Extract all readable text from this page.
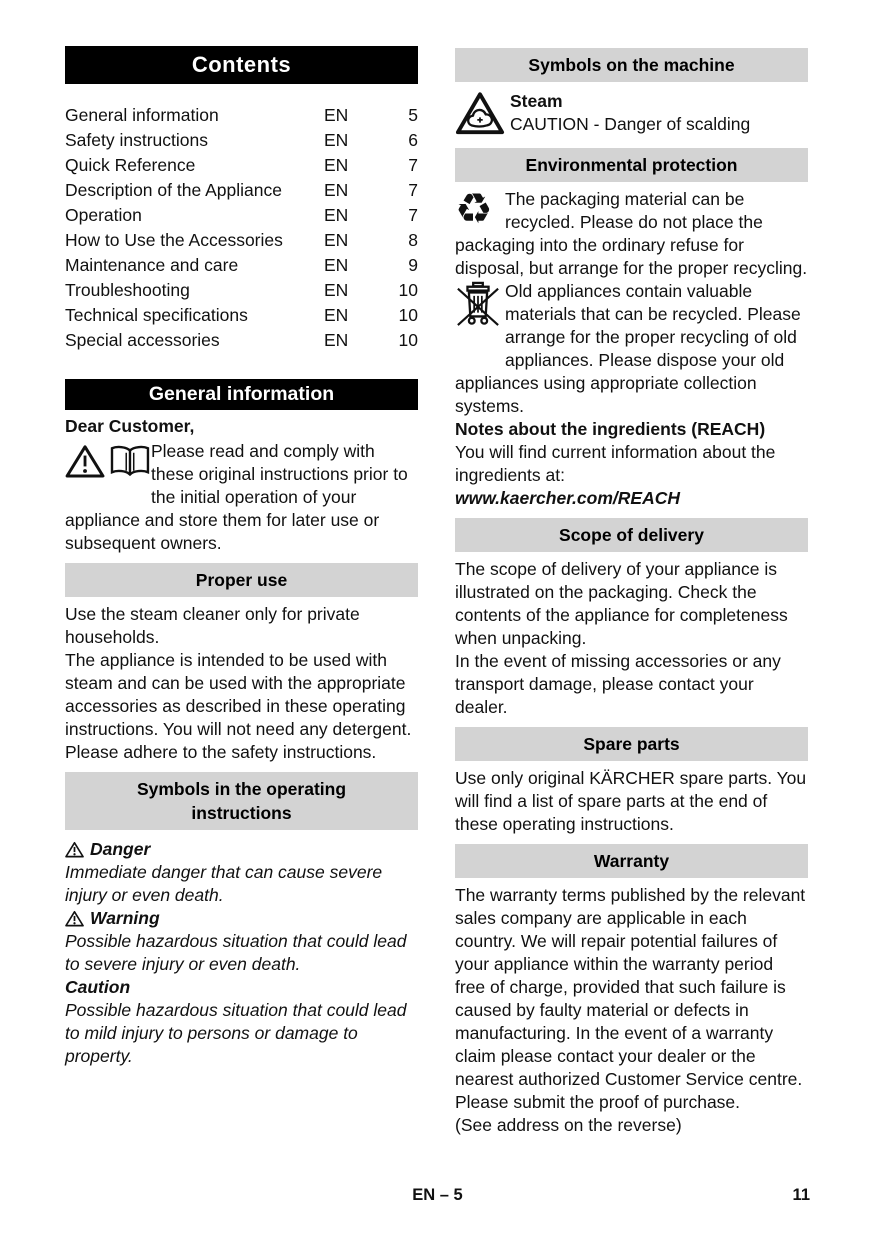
Contents
General information	EN	5
Safety instructions	EN	6
Quick Reference	EN	7
Description of the Appliance	EN	7
Operation	EN	7
How to Use the Accessories	EN	8
Maintenance and care	EN	9
Troubleshooting	EN	10
Technical specifications	EN	10
Special accessories	EN	10
General information

Dear Customer,

Please read and comply with these original instructions prior to the initial operation of your appliance and store them for later use or subsequent owners.

Proper use

Use the steam cleaner only for private households.

The appliance is intended to be used with steam and can be used with the appropriate accessories as described in these operating instructions. You will not need any detergent. Please adhere to the safety instructions.

Symbols in the operating instructions
Danger

Immediate danger that can cause severe injury or even death.

Warning

Possible hazardous situation that could lead to severe injury or even death.

Caution

Possible hazardous situation that could lead to mild injury to persons or damage to property.

Symbols on the machine
Steam
CAUTION - Danger of scalding
Environmental protection

♻ The packaging material can be recycled. Please do not place the packaging into the ordinary refuse for disposal, but arrange for the proper recycling.

Old appliances contain valuable materials that can be recycled. Please arrange for the proper recycling of old appliances. Please dispose your old appliances using appropriate collection systems.

Notes about the ingredients (REACH)

You will find current information about the ingredients at:

www.kaercher.com/REACH
Scope of delivery

The scope of delivery of your appliance is illustrated on the packaging. Check the contents of the appliance for completeness when unpacking.

In the event of missing accessories or any transport damage, please contact your dealer.

Spare parts

Use only original KÄRCHER spare parts. You will find a list of spare parts at the end of these operating instructions.

Warranty

The warranty terms published by the relevant sales company are applicable in each country. We will repair potential failures of your appliance within the warranty period free of charge, provided that such failure is caused by faulty material or defects in manufacturing. In the event of a warranty claim please contact your dealer or the nearest authorized Customer Service centre.

Please submit the proof of purchase.

(See address on the reverse)

EN – 5	11
